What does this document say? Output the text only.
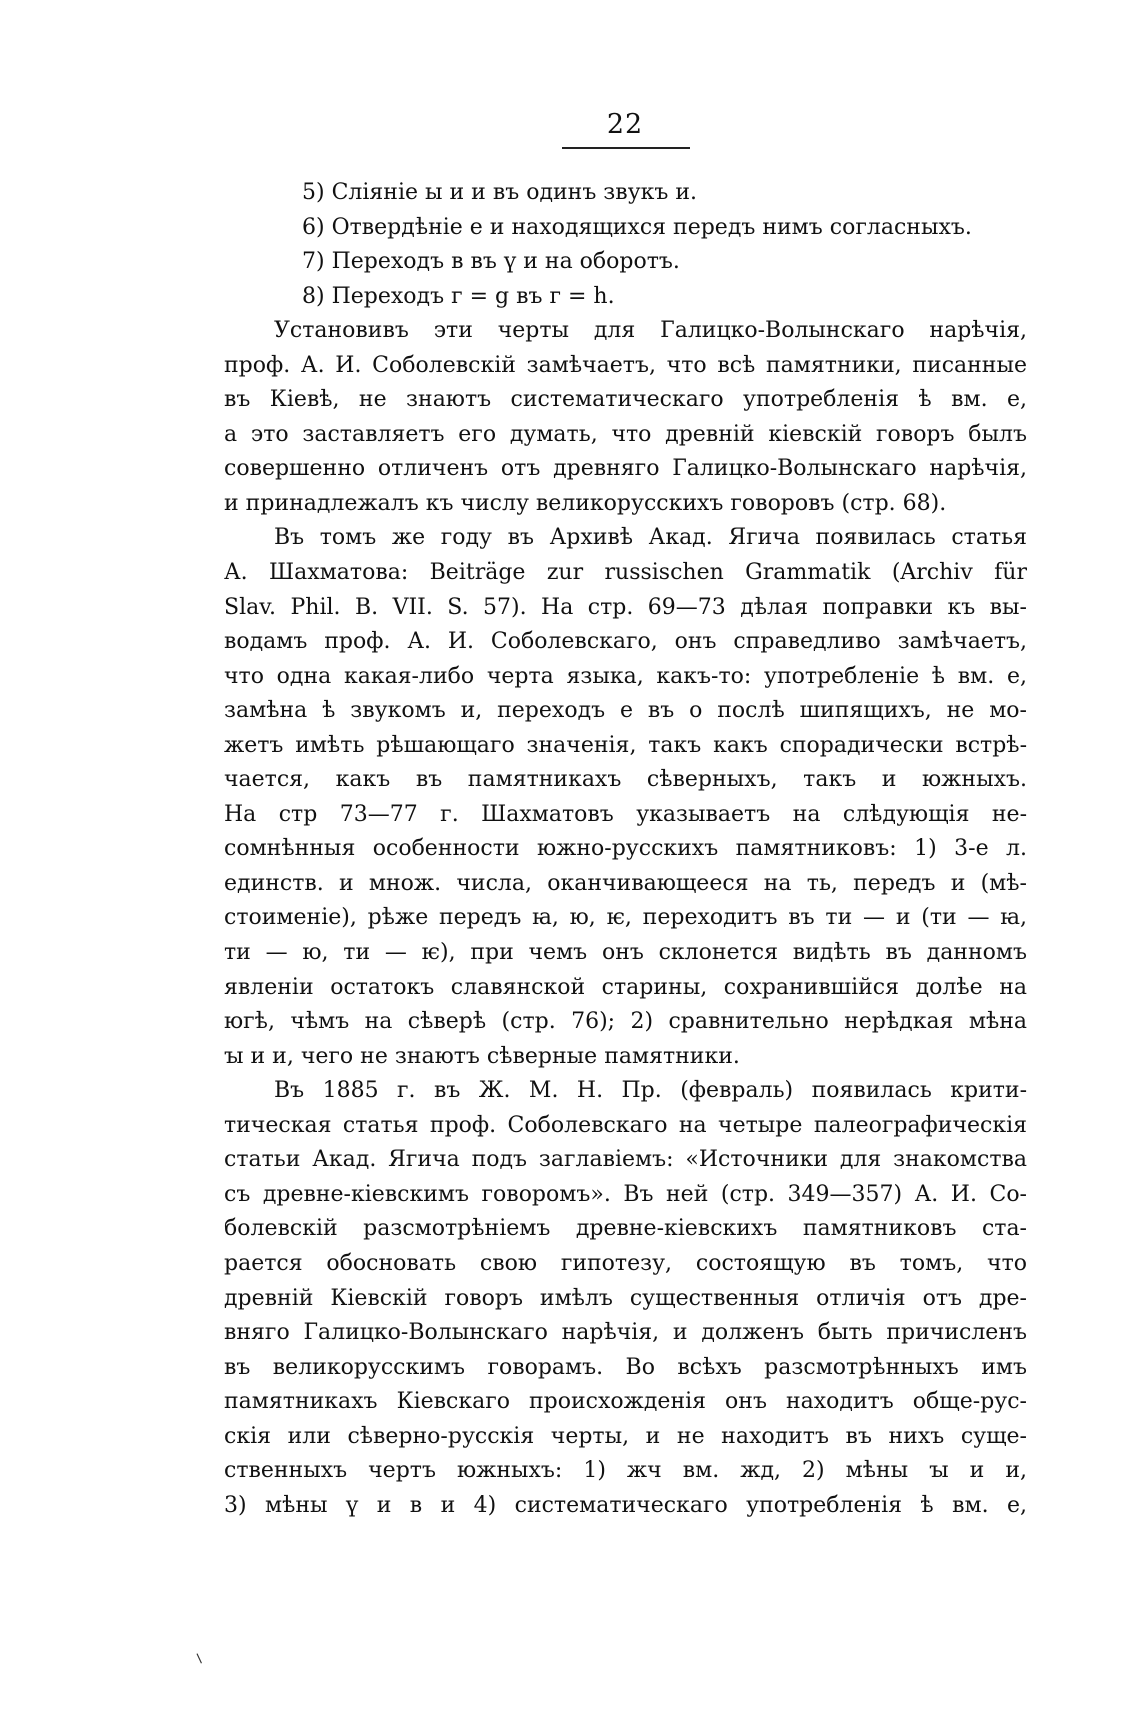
22
5) Сліяніе ы и и въ одинъ звукъ и.
6) Отвердѣніе е и находящихся передъ нимъ согласныхъ.
7) Переходъ в въ ү и на оборотъ.
8) Переходъ г = g въ г = h.
Установивъ эти черты для Галицко-Волынскаго нарѣчія,
проф. А. И. Соболевскій замѣчаетъ, что всѣ памятники, писанные
въ Кіевѣ, не знаютъ систематическаго употребленія ѣ вм. е,
а это заставляетъ его думать, что древній кіевскій говоръ былъ
совершенно отличенъ отъ древняго Галицко-Волынскаго нарѣчія,
и принадлежалъ къ числу великорусскихъ говоровъ (стр. 68).
Въ томъ же году въ Архивѣ Акад. Ягича появилась статья
А. Шахматова: Beiträge zur russischen Grammatik (Archiv für
Slav. Phil. B. VII. S. 57). На стр. 69—73 дѣлая поправки къ вы-
водамъ проф. А. И. Соболевскаго, онъ справедливо замѣчаетъ,
что одна какая-либо черта языка, какъ-то: употребленіе ѣ вм. е,
замѣна ѣ звукомъ и, переходъ е въ о послѣ шипящихъ, не мо-
жетъ имѣть рѣшающаго значенія, такъ какъ спорадически встрѣ-
чается, какъ въ памятникахъ сѣверныхъ, такъ и южныхъ.
На стр 73—77 г. Шахматовъ указываетъ на слѣдующія не-
сомнѣнныя особенности южно-русскихъ памятниковъ: 1) 3-е л.
единств. и множ. числа, оканчивающееся на ть, передъ и (мѣ-
стоименіе), рѣже передъ ꙗ, ю, ѥ, переходитъ въ ти — и (ти — ꙗ,
ти — ю, ти — ѥ), при чемъ онъ склонется видѣть въ данномъ
явленіи остатокъ славянской старины, сохранившійся долѣе на
югѣ, чѣмъ на сѣверѣ (стр. 76); 2) сравнительно нерѣдкая мѣна
ꙑ и и, чего не знаютъ сѣверные памятники.
Въ 1885 г. въ Ж. М. Н. Пр. (февраль) появилась крити-
тическая статья проф. Соболевскаго на четыре палеографическія
статьи Акад. Ягича подъ заглавіемъ: «Источники для знакомства
съ древне-кіевскимъ говоромъ». Въ ней (стр. 349—357) А. И. Со-
болевскій разсмотрѣніемъ древне-кіевскихъ памятниковъ ста-
рается обосновать свою гипотезу, состоящую въ томъ, что
древній Кіевскій говоръ имѣлъ существенныя отличія отъ дре-
вняго Галицко-Волынскаго нарѣчія, и долженъ быть причисленъ
въ великорусскимъ говорамъ. Во всѣхъ разсмотрѣнныхъ имъ
памятникахъ Кіевскаго происхожденія онъ находитъ обще-рус-
скія или сѣверно-русскія черты, и не находитъ въ нихъ суще-
ственныхъ чертъ южныхъ: 1) жч вм. жд, 2) мѣны ꙑ и и,
3) мѣны ү и в и 4) систематическаго употребленія ѣ вм. е,
⸜
